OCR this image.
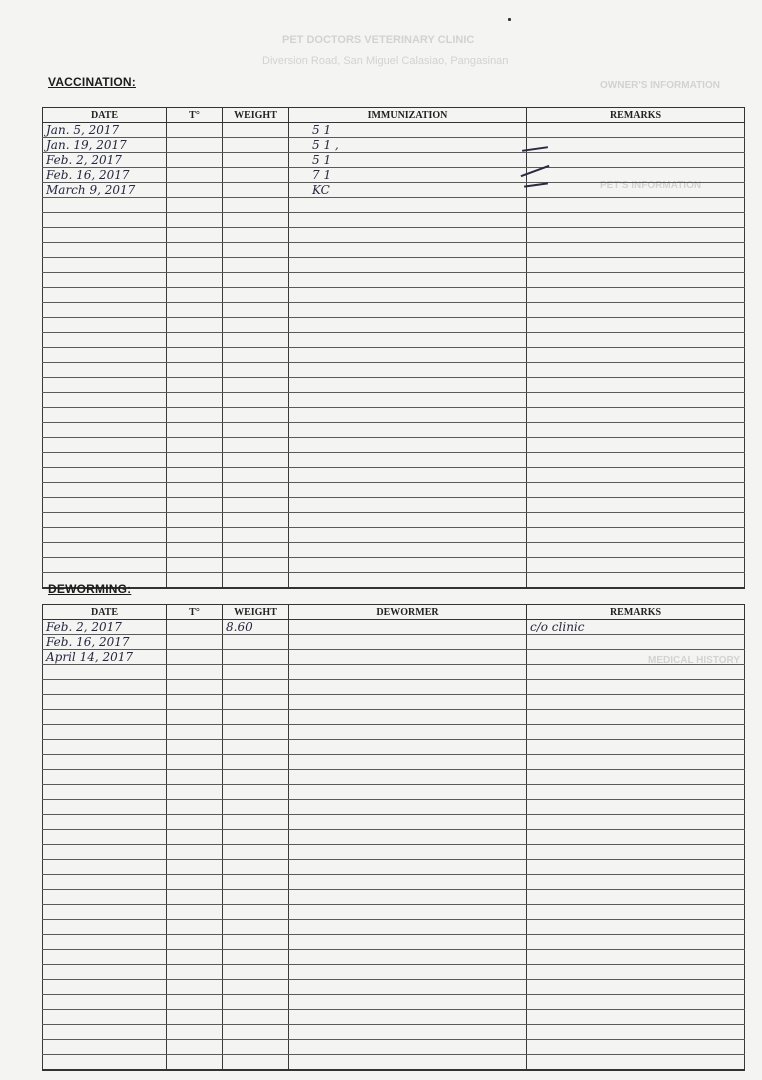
PET DOCTORS VETERINARY CLINIC
Diversion Road, San Miguel Calasiao, Pangasinan
OWNER'S INFORMATION
PET'S INFORMATION
MEDICAL HISTORY
VACCINATION:
DATE	T°	WEIGHT	IMMUNIZATION	REMARKS
Jan. 5, 2017			5 1	
Jan. 19, 2017			5 1 ,	
Feb. 2, 2017			5 1	
Feb. 16, 2017			7 1	
March 9, 2017			KC	

DEWORMING:
DATE	T°	WEIGHT	DEWORMER	REMARKS
Feb. 2, 2017		8.60		c/o clinic
Feb. 16, 2017				
April 14, 2017				
